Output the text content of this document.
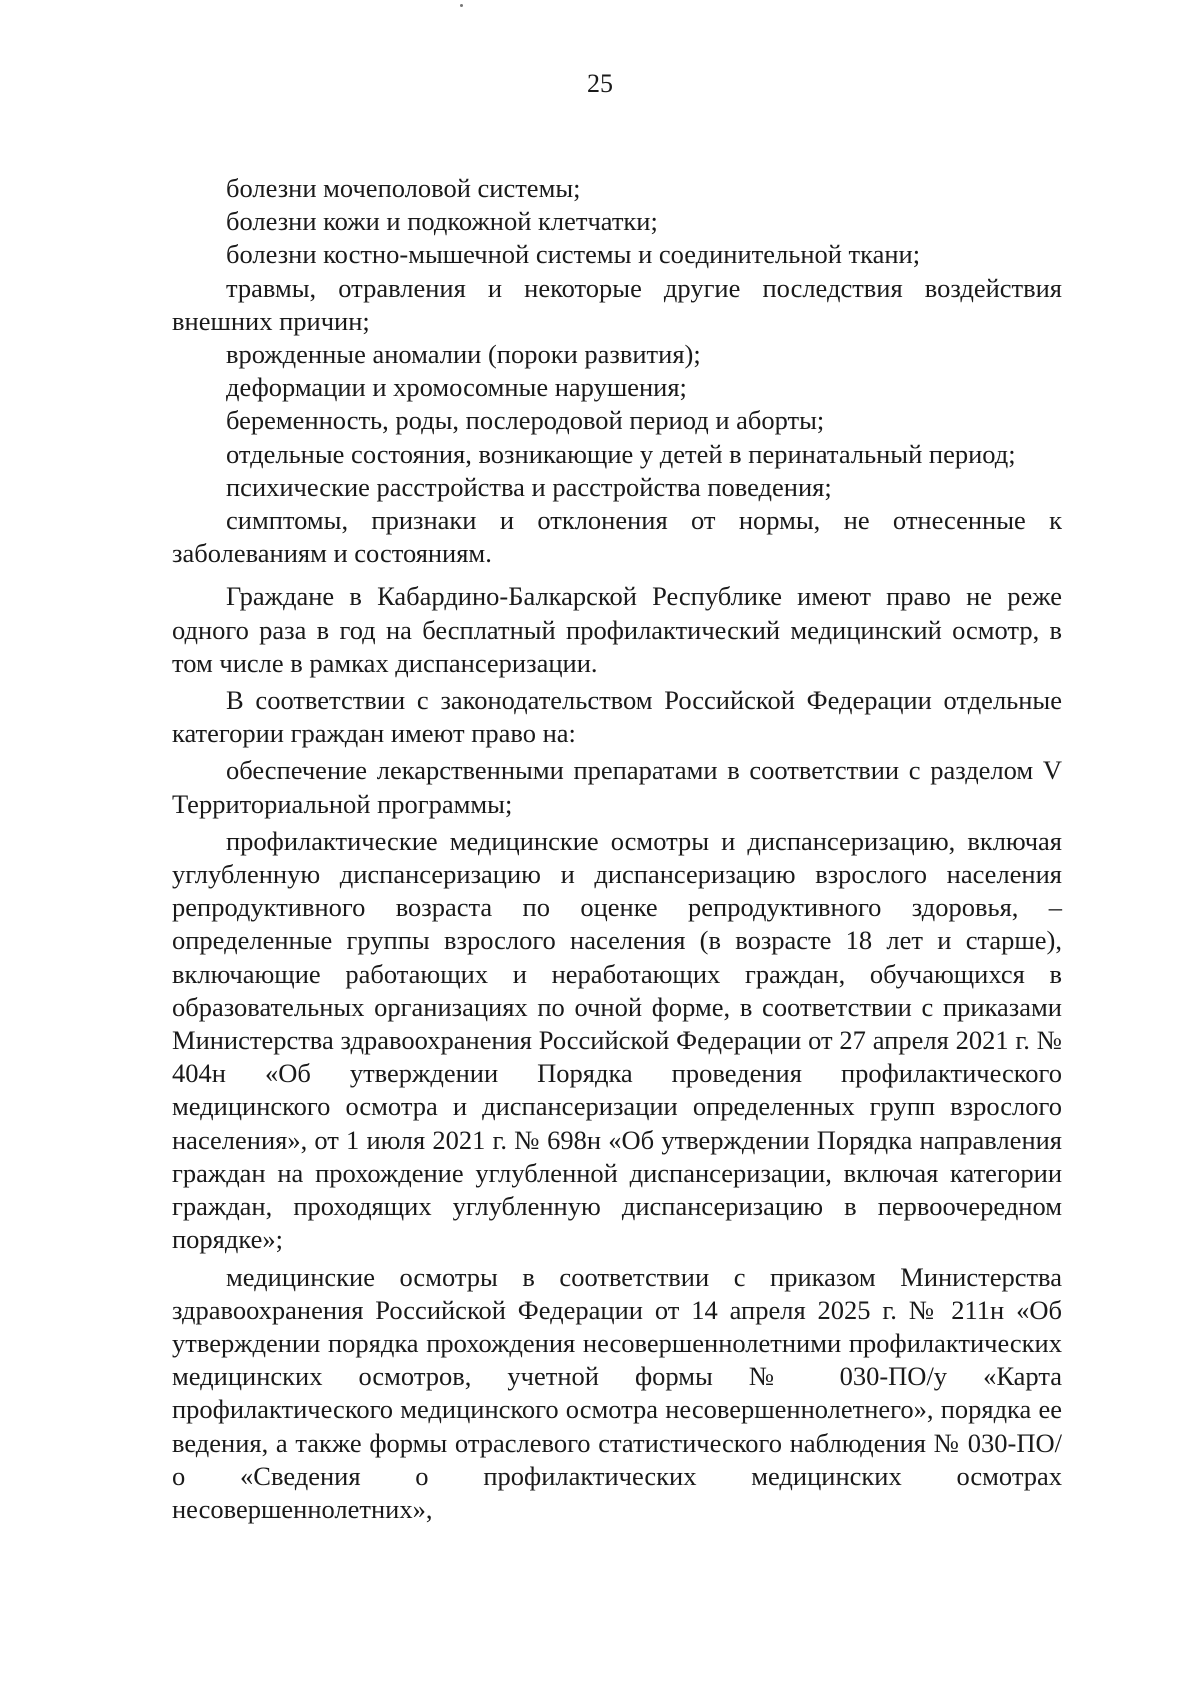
25

болезни мочеполовой системы;

болезни кожи и подкожной клетчатки;

болезни костно-мышечной системы и соединительной ткани;

травмы, отравления и некоторые другие последствия воздействия внешних причин;

врожденные аномалии (пороки развития);

деформации и хромосомные нарушения;

беременность, роды, послеродовой период и аборты;

отдельные состояния, возникающие у детей в перинатальный период;

психические расстройства и расстройства поведения;

симптомы, признаки и отклонения от нормы, не отнесенные к заболеваниям и состояниям.

Граждане в Кабардино-Балкарской Республике имеют право не реже одного раза в год на бесплатный профилактический медицинский осмотр, в том числе в рамках диспансеризации.

В соответствии с законодательством Российской Федерации отдельные категории граждан имеют право на:

обеспечение лекарственными препаратами в соответствии с разделом V Территориальной программы;

профилактические медицинские осмотры и диспансеризацию, включая углубленную диспансеризацию и диспансеризацию взрослого населения репродуктивного возраста по оценке репродуктивного здоровья, – определенные группы взрослого населения (в возрасте 18 лет и старше), включающие работающих и неработающих граждан, обучающихся в образовательных организациях по очной форме, в соответствии с приказами Министерства здравоохранения Российской Федерации от 27 апреля 2021 г. № 404н «Об утверждении Порядка проведения профилактического медицинского осмотра и диспансеризации определенных групп взрослого населения», от 1 июля 2021 г. № 698н «Об утверждении Порядка направления граждан на прохождение углубленной диспансеризации, включая категории граждан, проходящих углубленную диспансеризацию в первоочередном порядке»;

медицинские осмотры в соответствии с приказом Министерства здравоохранения Российской Федерации от 14 апреля 2025 г. № 211н «Об утверждении порядка прохождения несовершеннолетними профилактических медицинских осмотров, учетной формы № 030-ПО/у «Карта профилактического медицинского осмотра несовершеннолетнего», порядка ее ведения, а также формы отраслевого статистического наблюдения № 030-ПО/о «Сведения о профилактических медицинских осмотрах несовершеннолетних»,
